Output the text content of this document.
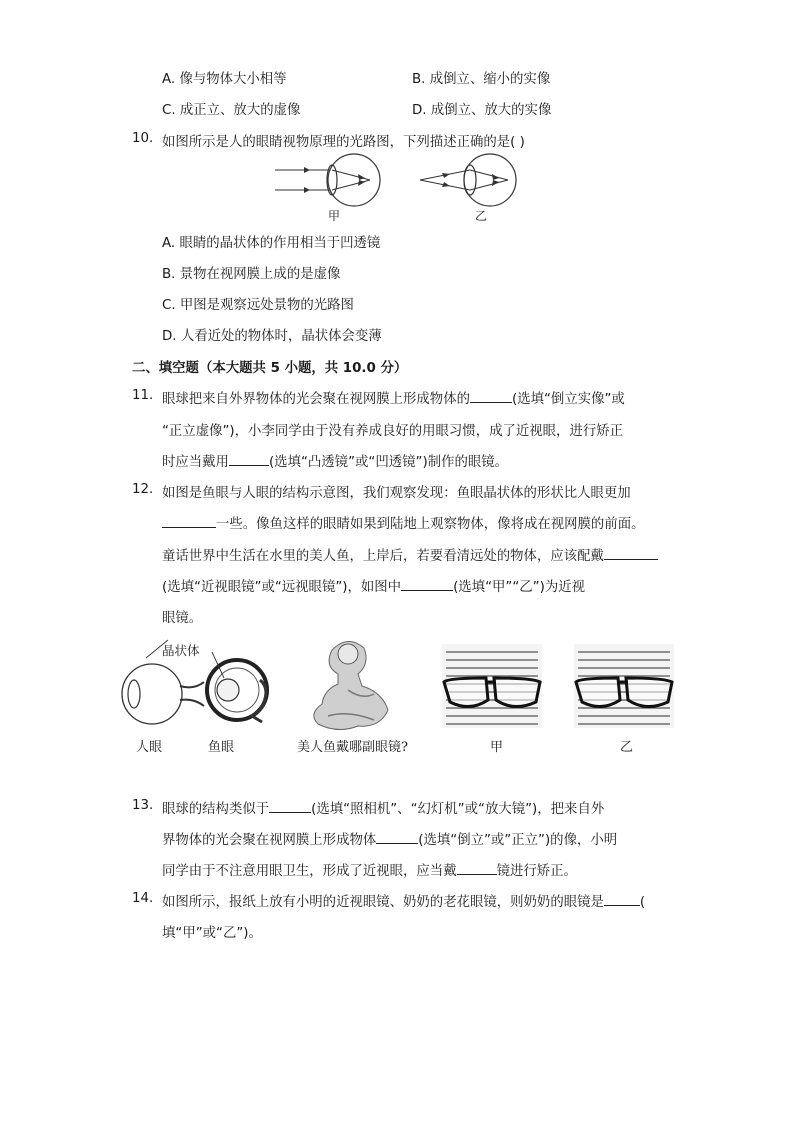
A. 像与物体大小相等	B. 成倒立、缩小的实像
C. 成正立、放大的虚像	D. 成倒立、放大的实像
10. 如图所示是人的眼睛视物原理的光路图，下列描述正确的是( )
甲	乙
A. 眼睛的晶状体的作用相当于凹透镜
B. 景物在视网膜上成的是虚像
C. 甲图是观察远处景物的光路图
D. 人看近处的物体时，晶状体会变薄
二、填空题（本大题共 5 小题，共 10.0 分）
11. 眼球把来自外界物体的光会聚在视网膜上形成物体的	(选填“倒立实像”或
“正立虚像”)，小李同学由于没有养成良好的用眼习惯，成了近视眼，进行矫正
时应当戴用	(选填“凸透镜”或“凹透镜”)制作的眼镜。
12. 如图是鱼眼与人眼的结构示意图，我们观察发现：鱼眼晶状体的形状比人眼更加
一些。像鱼这样的眼睛如果到陆地上观察物体，像将成在视网膜的前面。
童话世界中生活在水里的美人鱼，上岸后，若要看清远处的物体，应该配戴
(选填“近视眼镜”或“远视眼镜”)，如图中	(选填“甲”“乙”)为近视
眼镜。
晶状体
人眼	鱼眼	美人鱼戴哪副眼镜?	甲	乙
13. 眼球的结构类似于	(选填“照相机”、“幻灯机”或“放大镜”)，把来自外
界物体的光会聚在视网膜上形成物体	(选填“倒立”或”正立”)的像，小明
同学由于不注意用眼卫生，形成了近视眼，应当戴	镜进行矫正。
14. 如图所示，报纸上放有小明的近视眼镜、奶奶的老花眼镜，则奶奶的眼镜是	(
填“甲”或“乙”)。
